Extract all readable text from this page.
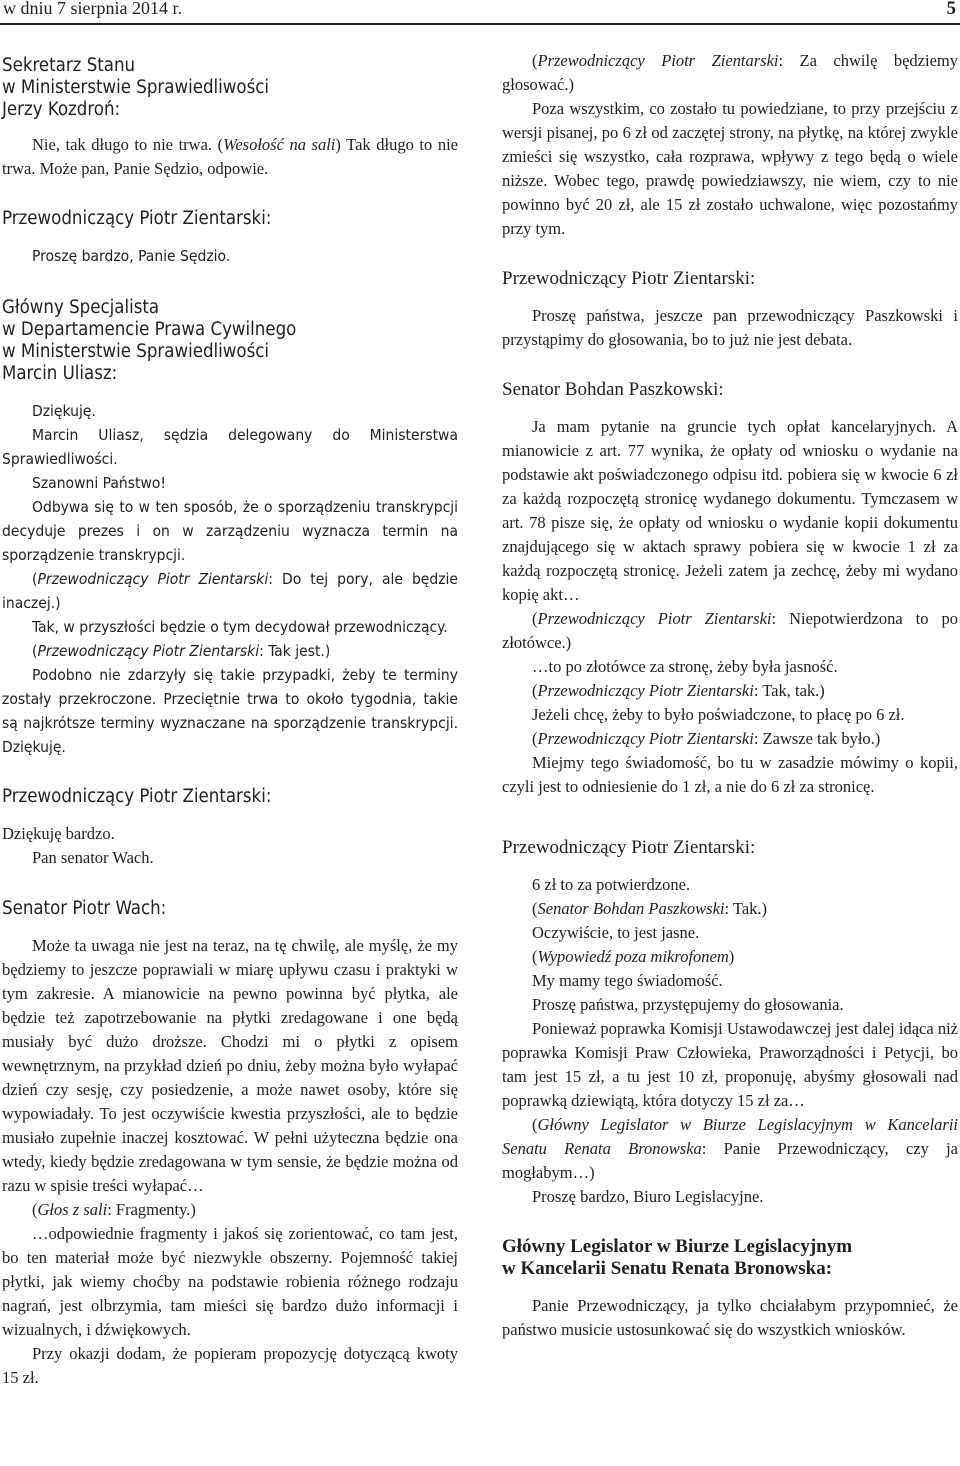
w dniu 7 sierpnia 2014 r.	5
Sekretarz Stanu
w Ministerstwie Sprawiedliwości
Jerzy Kozdroń:

Nie, tak długo to nie trwa. (Wesołość na sali) Tak długo to nie trwa. Może pan, Panie Sędzio, odpowie.

Przewodniczący Piotr Zientarski:

Proszę bardzo, Panie Sędzio.

Główny Specjalista
w Departamencie Prawa Cywilnego
w Ministerstwie Sprawiedliwości
Marcin Uliasz:

Dziękuję.

Marcin Uliasz, sędzia delegowany do Ministerstwa Sprawiedliwości.

Szanowni Państwo!

Odbywa się to w ten sposób, że o sporządzeniu transkrypcji decyduje prezes i on w zarządzeniu wyznacza termin na sporządzenie transkrypcji.

(Przewodniczący Piotr Zientarski: Do tej pory, ale będzie inaczej.)

Tak, w przyszłości będzie o tym decydował przewodniczący.

(Przewodniczący Piotr Zientarski: Tak jest.)

Podobno nie zdarzyły się takie przypadki, żeby te terminy zostały przekroczone. Przeciętnie trwa to około tygodnia, takie są najkrótsze terminy wyznaczane na sporządzenie transkrypcji. Dziękuję.

Przewodniczący Piotr Zientarski:

Dziękuję bardzo.

Pan senator Wach.

Senator Piotr Wach:

Może ta uwaga nie jest na teraz, na tę chwilę, ale myślę, że my będziemy to jeszcze poprawiali w miarę upływu czasu i praktyki w tym zakresie. A mianowicie na pewno powinna być płytka, ale będzie też zapotrzebowanie na płytki zredagowane i one będą musiały być dużo droższe. Chodzi mi o płytki z opisem wewnętrznym, na przykład dzień po dniu, żeby można było wyłapać dzień czy sesję, czy posiedzenie, a może nawet osoby, które się wypowiadały. To jest oczywiście kwestia przyszłości, ale to będzie musiało zupełnie inaczej kosztować. W pełni użyteczna będzie ona wtedy, kiedy będzie zredagowana w tym sensie, że będzie można od razu w spisie treści wyłapać…

(Głos z sali: Fragmenty.)

…odpowiednie fragmenty i jakoś się zorientować, co tam jest, bo ten materiał może być niezwykle obszerny. Pojemność takiej płytki, jak wiemy choćby na podstawie robienia różnego rodzaju nagrań, jest olbrzymia, tam mieści się bardzo dużo informacji i wizualnych, i dźwiękowych.

Przy okazji dodam, że popieram propozycję dotyczącą kwoty 15 zł.

(Przewodniczący Piotr Zientarski: Za chwilę będziemy głosować.)

Poza wszystkim, co zostało tu powiedziane, to przy przejściu z wersji pisanej, po 6 zł od zaczętej strony, na płytkę, na której zwykle zmieści się wszystko, cała rozprawa, wpływy z tego będą o wiele niższe. Wobec tego, prawdę powiedziawszy, nie wiem, czy to nie powinno być 20 zł, ale 15 zł zostało uchwalone, więc pozostańmy przy tym.

Przewodniczący Piotr Zientarski:

Proszę państwa, jeszcze pan przewodniczący Paszkowski i przystąpimy do głosowania, bo to już nie jest debata.

Senator Bohdan Paszkowski:

Ja mam pytanie na gruncie tych opłat kancelaryjnych. A mianowicie z art. 77 wynika, że opłaty od wniosku o wydanie na podstawie akt poświadczonego odpisu itd. pobiera się w kwocie 6 zł za każdą rozpoczętą stronicę wydanego dokumentu. Tymczasem w art. 78 pisze się, że opłaty od wniosku o wydanie kopii dokumentu znajdującego się w aktach sprawy pobiera się w kwocie 1 zł za każdą rozpoczętą stronicę. Jeżeli zatem ja zechcę, żeby mi wydano kopię akt…

(Przewodniczący Piotr Zientarski: Niepotwierdzona to po złotówce.)

…to po złotówce za stronę, żeby była jasność.

(Przewodniczący Piotr Zientarski: Tak, tak.)

Jeżeli chcę, żeby to było poświadczone, to płacę po 6 zł.

(Przewodniczący Piotr Zientarski: Zawsze tak było.)

Miejmy tego świadomość, bo tu w zasadzie mówimy o kopii, czyli jest to odniesienie do 1 zł, a nie do 6 zł za stronicę.

Przewodniczący Piotr Zientarski:

6 zł to za potwierdzone.

(Senator Bohdan Paszkowski: Tak.)

Oczywiście, to jest jasne.

(Wypowiedź poza mikrofonem)

My mamy tego świadomość.

Proszę państwa, przystępujemy do głosowania.

Ponieważ poprawka Komisji Ustawodawczej jest dalej idąca niż poprawka Komisji Praw Człowieka, Praworządności i Petycji, bo tam jest 15 zł, a tu jest 10 zł, proponuję, abyśmy głosowali nad poprawką dziewiątą, która dotyczy 15 zł za…

(Główny Legislator w Biurze Legislacyjnym w Kancelarii Senatu Renata Bronowska: Panie Przewodniczący, czy ja mogłabym…)

Proszę bardzo, Biuro Legislacyjne.

Główny Legislator w Biurze Legislacyjnym
w Kancelarii Senatu Renata Bronowska:

Panie Przewodniczący, ja tylko chciałabym przypomnieć, że państwo musicie ustosunkować się do wszystkich wniosków.
